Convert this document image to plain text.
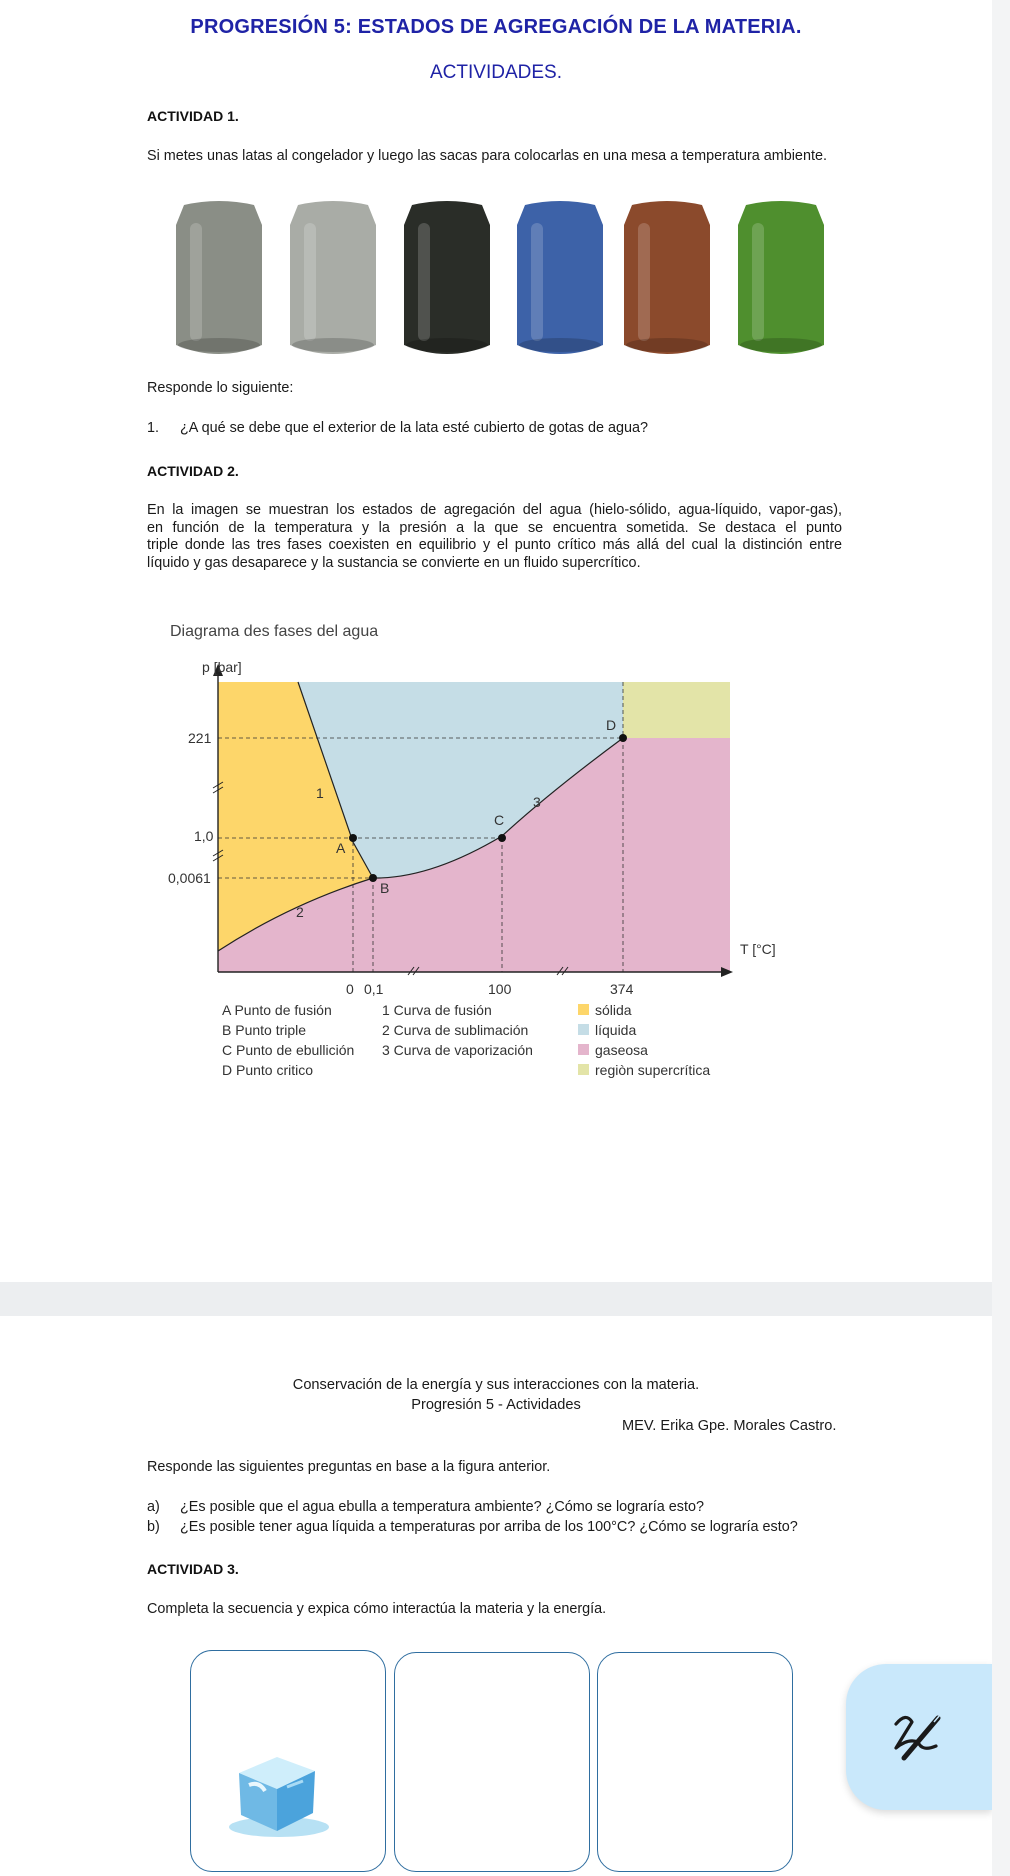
PROGRESIÓN 5: ESTADOS DE AGREGACIÓN DE LA MATERIA.
ACTIVIDADES.
ACTIVIDAD 1.
Si metes unas latas al congelador y luego las sacas para colocarlas en una mesa a temperatura ambiente.
Responde lo siguiente:
1. ¿A qué se debe que el exterior de la lata esté cubierto de gotas de agua?
ACTIVIDAD 2.
En la imagen se muestran los estados de agregación del agua (hielo-sólido, agua-líquido, vapor-gas),
en función de la temperatura y la presión a la que se encuentra sometida. Se destaca el punto
triple donde las tres fases coexisten en equilibrio y el punto crítico más allá del cual la distinción entre
líquido y gas desaparece y la sustancia se convierte en un fluido supercrítico.
Diagrama des fases del agua
p [bar]
T [°C]
221
1,0
0,0061
0 0,1	100	374
A
B
C
D
1
2
3
A Punto de fusión
B Punto triple
C Punto de ebullición
D Punto critico
1 Curva de fusión
2 Curva de sublimación
3 Curva de vaporización
sólida
líquida
gaseosa
regiòn supercrítica
Conservación de la energía y sus interacciones con la materia.
Progresión 5 - Actividades
MEV. Erika Gpe. Morales Castro.
Responde las siguientes preguntas en base a la figura anterior.
a) ¿Es posible que el agua ebulla a temperatura ambiente? ¿Cómo se lograría esto?
b) ¿Es posible tener agua líquida a temperaturas por arriba de los 100°C? ¿Cómo se lograría esto?
ACTIVIDAD 3.
Completa la secuencia y expica cómo interactúa la materia y la energía.
